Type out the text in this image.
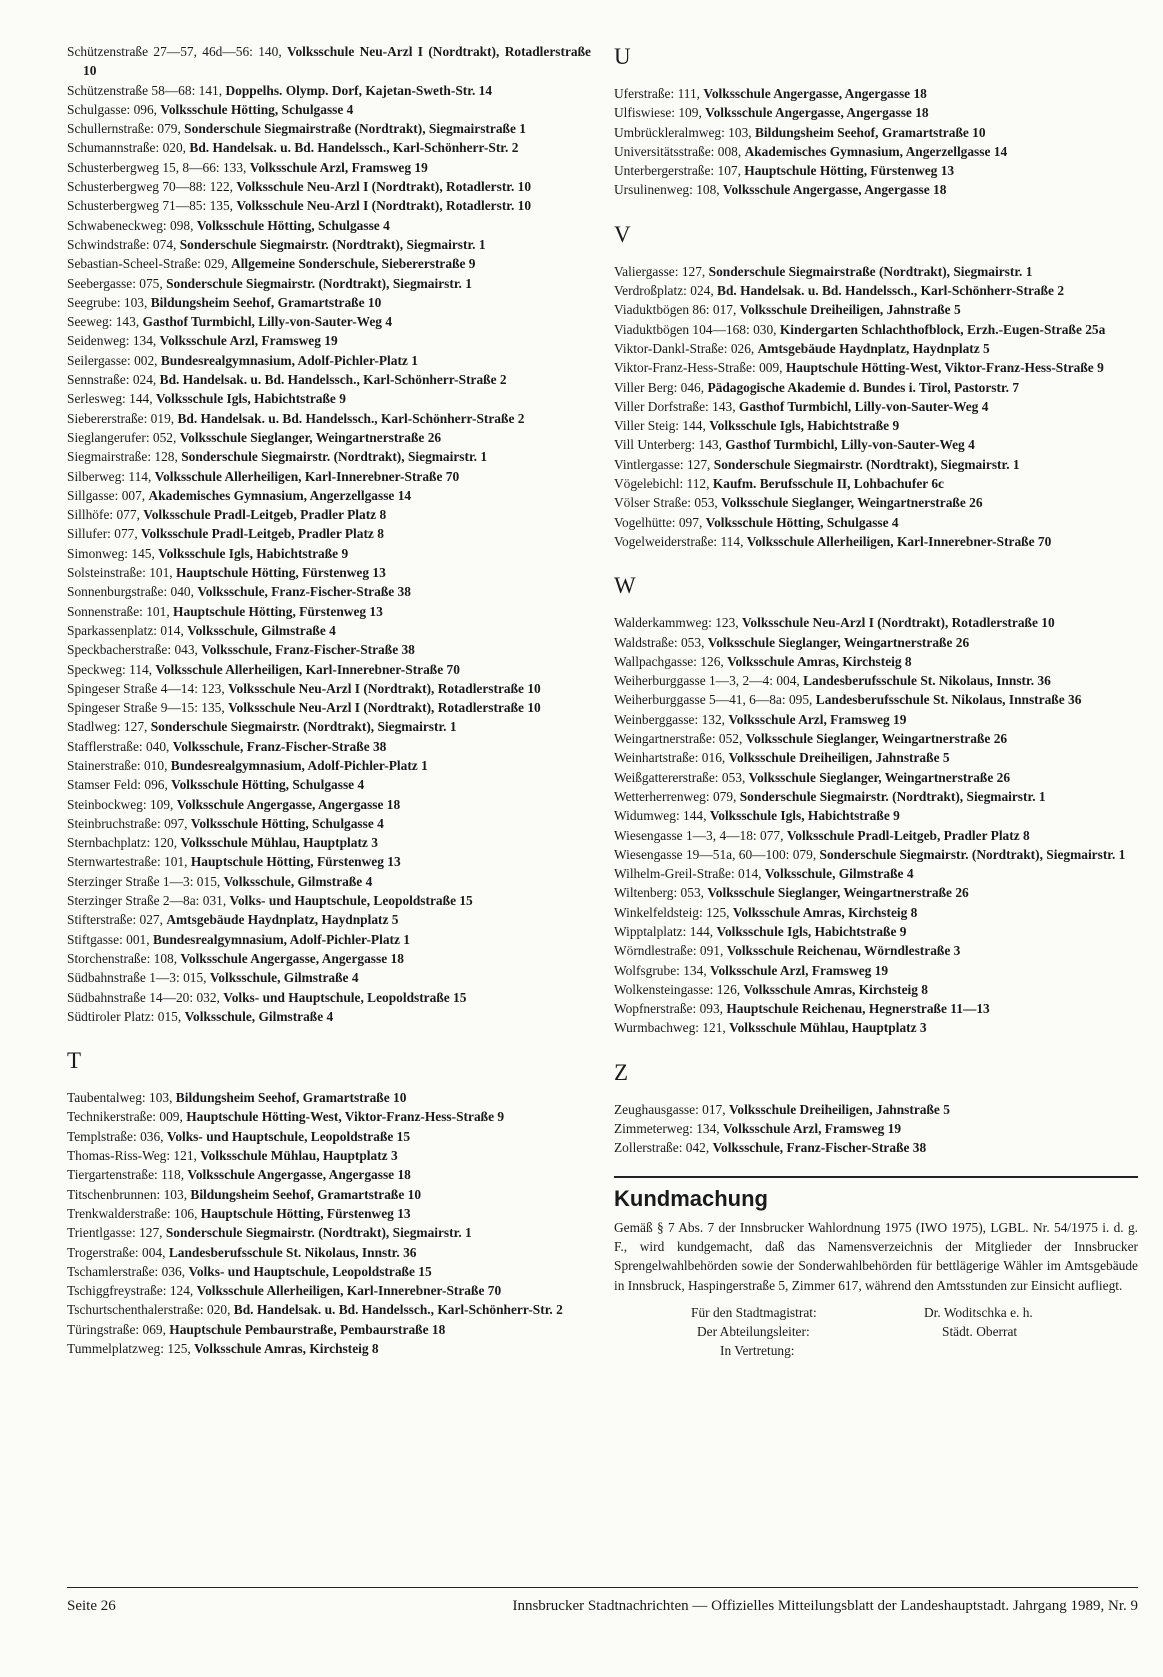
Schützenstraße 27—57, 46d—56: 140, Volksschule Neu-Arzl I (Nordtrakt), Rotadlerstraße 10
Schützenstraße 58—68: 141, Doppelhs. Olymp. Dorf, Kajetan-Sweth-Str. 14
Schulgasse: 096, Volksschule Hötting, Schulgasse 4
Schullernstraße: 079, Sonderschule Siegmairstraße (Nordtrakt), Siegmairstraße 1
Schumannstraße: 020, Bd. Handelsak. u. Bd. Handelssch., Karl-Schönherr-Str. 2
Schusterbergweg 15, 8—66: 133, Volksschule Arzl, Framsweg 19
Schusterbergweg 70—88: 122, Volksschule Neu-Arzl I (Nordtrakt), Rotadlerstr. 10
Schusterbergweg 71—85: 135, Volksschule Neu-Arzl I (Nordtrakt), Rotadlerstr. 10
Schwabeneckweg: 098, Volksschule Hötting, Schulgasse 4
Schwindstraße: 074, Sonderschule Siegmairstr. (Nordtrakt), Siegmairstr. 1
Sebastian-Scheel-Straße: 029, Allgemeine Sonderschule, Siebererstraße 9
Seebergasse: 075, Sonderschule Siegmairstr. (Nordtrakt), Siegmairstr. 1
Seegrube: 103, Bildungsheim Seehof, Gramartstraße 10
Seeweg: 143, Gasthof Turmbichl, Lilly-von-Sauter-Weg 4
Seidenweg: 134, Volksschule Arzl, Framsweg 19
Seilergasse: 002, Bundesrealgymnasium, Adolf-Pichler-Platz 1
Sennstraße: 024, Bd. Handelsak. u. Bd. Handelssch., Karl-Schönherr-Straße 2
Serlesweg: 144, Volksschule Igls, Habichtstraße 9
Siebererstraße: 019, Bd. Handelsak. u. Bd. Handelssch., Karl-Schönherr-Straße 2
Sieglangerufer: 052, Volksschule Sieglanger, Weingartnerstraße 26
Siegmairstraße: 128, Sonderschule Siegmairstr. (Nordtrakt), Siegmairstr. 1
Silberweg: 114, Volksschule Allerheiligen, Karl-Innerebner-Straße 70
Sillgasse: 007, Akademisches Gymnasium, Angerzellgasse 14
Sillhöfe: 077, Volksschule Pradl-Leitgeb, Pradler Platz 8
Sillufer: 077, Volksschule Pradl-Leitgeb, Pradler Platz 8
Simonweg: 145, Volksschule Igls, Habichtstraße 9
Solsteinstraße: 101, Hauptschule Hötting, Fürstenweg 13
Sonnenburgstraße: 040, Volksschule, Franz-Fischer-Straße 38
Sonnenstraße: 101, Hauptschule Hötting, Fürstenweg 13
Sparkassenplatz: 014, Volksschule, Gilmstraße 4
Speckbacherstraße: 043, Volksschule, Franz-Fischer-Straße 38
Speckweg: 114, Volksschule Allerheiligen, Karl-Innerebner-Straße 70
Spingeser Straße 4—14: 123, Volksschule Neu-Arzl I (Nordtrakt), Rotadlerstraße 10
Spingeser Straße 9—15: 135, Volksschule Neu-Arzl I (Nordtrakt), Rotadlerstraße 10
Stadlweg: 127, Sonderschule Siegmairstr. (Nordtrakt), Siegmairstr. 1
Stafflerstraße: 040, Volksschule, Franz-Fischer-Straße 38
Stainerstraße: 010, Bundesrealgymnasium, Adolf-Pichler-Platz 1
Stamser Feld: 096, Volksschule Hötting, Schulgasse 4
Steinbockweg: 109, Volksschule Angergasse, Angergasse 18
Steinbruchstraße: 097, Volksschule Hötting, Schulgasse 4
Sternbachplatz: 120, Volksschule Mühlau, Hauptplatz 3
Sternwartestraße: 101, Hauptschule Hötting, Fürstenweg 13
Sterzinger Straße 1—3: 015, Volksschule, Gilmstraße 4
Sterzinger Straße 2—8a: 031, Volks- und Hauptschule, Leopoldstraße 15
Stifterstraße: 027, Amtsgebäude Haydnplatz, Haydnplatz 5
Stiftgasse: 001, Bundesrealgymnasium, Adolf-Pichler-Platz 1
Storchenstraße: 108, Volksschule Angergasse, Angergasse 18
Südbahnstraße 1—3: 015, Volksschule, Gilmstraße 4
Südbahnstraße 14—20: 032, Volks- und Hauptschule, Leopoldstraße 15
Südtiroler Platz: 015, Volksschule, Gilmstraße 4
T
Taubentalweg: 103, Bildungsheim Seehof, Gramartstraße 10
Technikerstraße: 009, Hauptschule Hötting-West, Viktor-Franz-Hess-Straße 9
Templstraße: 036, Volks- und Hauptschule, Leopoldstraße 15
Thomas-Riss-Weg: 121, Volksschule Mühlau, Hauptplatz 3
Tiergartenstraße: 118, Volksschule Angergasse, Angergasse 18
Titschenbrunnen: 103, Bildungsheim Seehof, Gramartstraße 10
Trenkwalderstraße: 106, Hauptschule Hötting, Fürstenweg 13
Trientlgasse: 127, Sonderschule Siegmairstr. (Nordtrakt), Siegmairstr. 1
Trogerstraße: 004, Landesberufsschule St. Nikolaus, Innstr. 36
Tschamlerstraße: 036, Volks- und Hauptschule, Leopoldstraße 15
Tschiggfreystraße: 124, Volksschule Allerheiligen, Karl-Innerebner-Straße 70
Tschurtschenthalerstraße: 020, Bd. Handelsak. u. Bd. Handelssch., Karl-Schönherr-Str. 2
Türingstraße: 069, Hauptschule Pembaurstraße, Pembaurstraße 18
Tummelplatzweg: 125, Volksschule Amras, Kirchsteig 8
U
Uferstraße: 111, Volksschule Angergasse, Angergasse 18
Ulfiswiese: 109, Volksschule Angergasse, Angergasse 18
Umbrückleralmweg: 103, Bildungsheim Seehof, Gramartstraße 10
Universitätsstraße: 008, Akademisches Gymnasium, Angerzellgasse 14
Unterbergerstraße: 107, Hauptschule Hötting, Fürstenweg 13
Ursulinenweg: 108, Volksschule Angergasse, Angergasse 18
V
Valiergasse: 127, Sonderschule Siegmairstraße (Nordtrakt), Siegmairstr. 1
Verdroßplatz: 024, Bd. Handelsak. u. Bd. Handelssch., Karl-Schönherr-Straße 2
Viaduktbögen 86: 017, Volksschule Dreiheiligen, Jahnstraße 5
Viaduktbögen 104—168: 030, Kindergarten Schlachthofblock, Erzh.-Eugen-Straße 25a
Viktor-Dankl-Straße: 026, Amtsgebäude Haydnplatz, Haydnplatz 5
Viktor-Franz-Hess-Straße: 009, Hauptschule Hötting-West, Viktor-Franz-Hess-Straße 9
Viller Berg: 046, Pädagogische Akademie d. Bundes i. Tirol, Pastorstr. 7
Viller Dorfstraße: 143, Gasthof Turmbichl, Lilly-von-Sauter-Weg 4
Viller Steig: 144, Volksschule Igls, Habichtstraße 9
Vill Unterberg: 143, Gasthof Turmbichl, Lilly-von-Sauter-Weg 4
Vintlergasse: 127, Sonderschule Siegmairstr. (Nordtrakt), Siegmairstr. 1
Vögelebichl: 112, Kaufm. Berufsschule II, Lohbachufer 6c
Völser Straße: 053, Volksschule Sieglanger, Weingartnerstraße 26
Vogelhütte: 097, Volksschule Hötting, Schulgasse 4
Vogelweiderstraße: 114, Volksschule Allerheiligen, Karl-Innerebner-Straße 70
W
Walderkammweg: 123, Volksschule Neu-Arzl I (Nordtrakt), Rotadlerstraße 10
Waldstraße: 053, Volksschule Sieglanger, Weingartnerstraße 26
Wallpachgasse: 126, Volksschule Amras, Kirchsteig 8
Weiherburggasse 1—3, 2—4: 004, Landesberufsschule St. Nikolaus, Innstr. 36
Weiherburggasse 5—41, 6—8a: 095, Landesberufsschule St. Nikolaus, Innstraße 36
Weinberggasse: 132, Volksschule Arzl, Framsweg 19
Weingartnerstraße: 052, Volksschule Sieglanger, Weingartnerstraße 26
Weinhartstraße: 016, Volksschule Dreiheiligen, Jahnstraße 5
Weißgattererstraße: 053, Volksschule Sieglanger, Weingartnerstraße 26
Wetterherrenweg: 079, Sonderschule Siegmairstr. (Nordtrakt), Siegmairstr. 1
Widumweg: 144, Volksschule Igls, Habichtstraße 9
Wiesengasse 1—3, 4—18: 077, Volksschule Pradl-Leitgeb, Pradler Platz 8
Wiesengasse 19—51a, 60—100: 079, Sonderschule Siegmairstr. (Nordtrakt), Siegmairstr. 1
Wilhelm-Greil-Straße: 014, Volksschule, Gilmstraße 4
Wiltenberg: 053, Volksschule Sieglanger, Weingartnerstraße 26
Winkelfeldsteig: 125, Volksschule Amras, Kirchsteig 8
Wipptalplatz: 144, Volksschule Igls, Habichtstraße 9
Wörndlestraße: 091, Volksschule Reichenau, Wörndlestraße 3
Wolfsgrube: 134, Volksschule Arzl, Framsweg 19
Wolkensteingasse: 126, Volksschule Amras, Kirchsteig 8
Wopfnerstraße: 093, Hauptschule Reichenau, Hegnerstraße 11—13
Wurmbachweg: 121, Volksschule Mühlau, Hauptplatz 3
Z
Zeughausgasse: 017, Volksschule Dreiheiligen, Jahnstraße 5
Zimmeterweg: 134, Volksschule Arzl, Framsweg 19
Zollerstraße: 042, Volksschule, Franz-Fischer-Straße 38
Kundmachung
Gemäß § 7 Abs. 7 der Innsbrucker Wahlordnung 1975 (IWO 1975), LGBL. Nr. 54/1975 i. d. g. F., wird kundgemacht, daß das Namensverzeichnis der Mitglieder der Innsbrucker Sprengelwahlbehörden sowie der Sonderwahlbehörden für bettlägerige Wähler im Amtsgebäude in Innsbruck, Haspingerstraße 5, Zimmer 617, während den Amtsstunden zur Einsicht aufliegt.
Für den Stadtmagistrat:
Der Abteilungsleiter:
In Vertretung:
Dr. Woditschka e. h.
Städt. Oberrat
Seite 26	Innsbrucker Stadtnachrichten — Offizielles Mitteilungsblatt der Landeshauptstadt. Jahrgang 1989, Nr. 9
